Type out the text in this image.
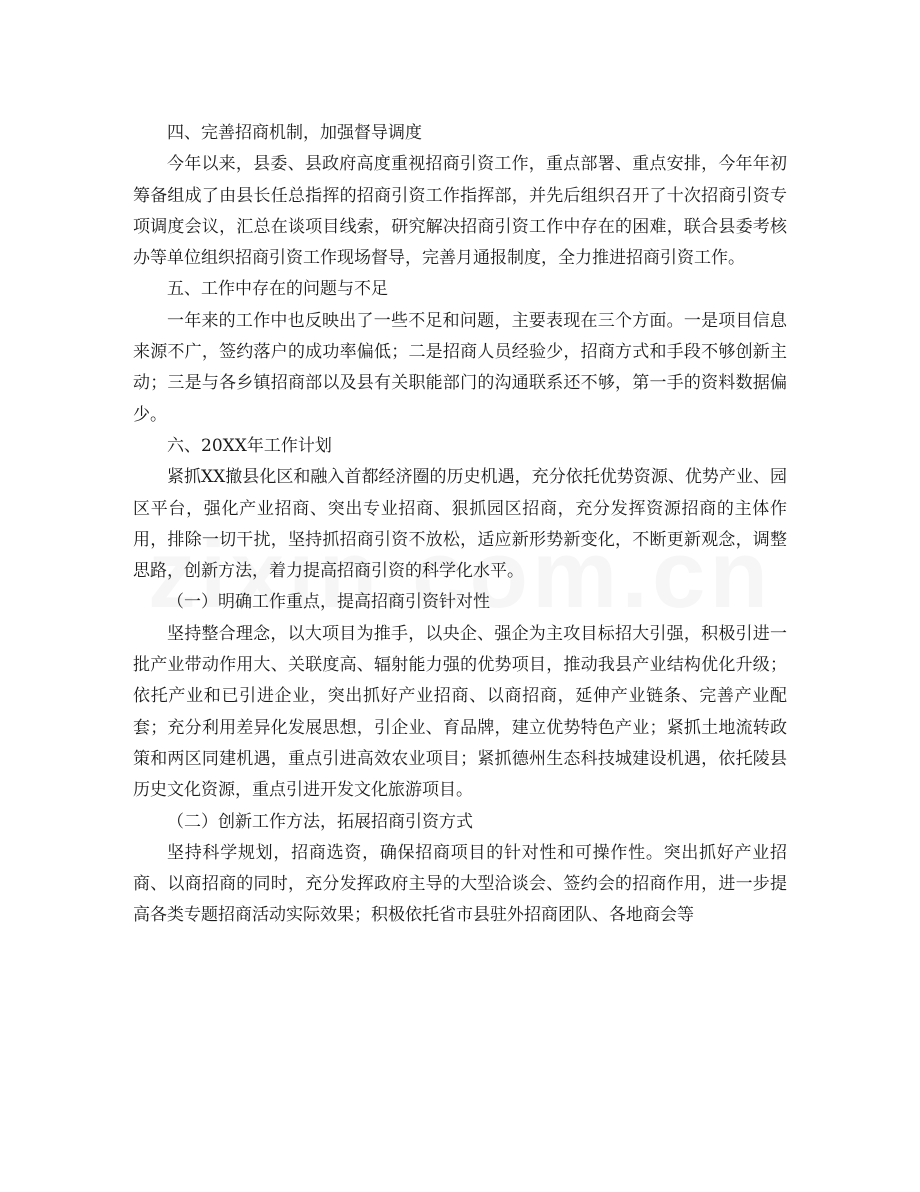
四、完善招商机制，加强督导调度

今年以来，县委、县政府高度重视招商引资工作，重点部署、重点安排，今年年初筹备组成了由县长任总指挥的招商引资工作指挥部，并先后组织召开了十次招商引资专项调度会议，汇总在谈项目线索，研究解决招商引资工作中存在的困难，联合县委考核办等单位组织招商引资工作现场督导，完善月通报制度，全力推进招商引资工作。

五、工作中存在的问题与不足

一年来的工作中也反映出了一些不足和问题，主要表现在三个方面。一是项目信息来源不广，签约落户的成功率偏低；二是招商人员经验少，招商方式和手段不够创新主动；三是与各乡镇招商部以及县有关职能部门的沟通联系还不够，第一手的资料数据偏少。

六、20XX年工作计划

紧抓XX撤县化区和融入首都经济圈的历史机遇，充分依托优势资源、优势产业、园区平台，强化产业招商、突出专业招商、狠抓园区招商，充分发挥资源招商的主体作用，排除一切干扰，坚持抓招商引资不放松，适应新形势新变化，不断更新观念，调整思路，创新方法，着力提高招商引资的科学化水平。

（一）明确工作重点，提高招商引资针对性

坚持整合理念，以大项目为推手，以央企、强企为主攻目标招大引强，积极引进一批产业带动作用大、关联度高、辐射能力强的优势项目，推动我县产业结构优化升级；依托产业和已引进企业，突出抓好产业招商、以商招商，延伸产业链条、完善产业配套；充分利用差异化发展思想，引企业、育品牌，建立优势特色产业；紧抓土地流转政策和两区同建机遇，重点引进高效农业项目；紧抓德州生态科技城建设机遇，依托陵县历史文化资源，重点引进开发文化旅游项目。

（二）创新工作方法，拓展招商引资方式

坚持科学规划，招商选资，确保招商项目的针对性和可操作性。突出抓好产业招商、以商招商的同时，充分发挥政府主导的大型洽谈会、签约会的招商作用，进一步提高各类专题招商活动实际效果；积极依托省市县驻外招商团队、各地商会等
